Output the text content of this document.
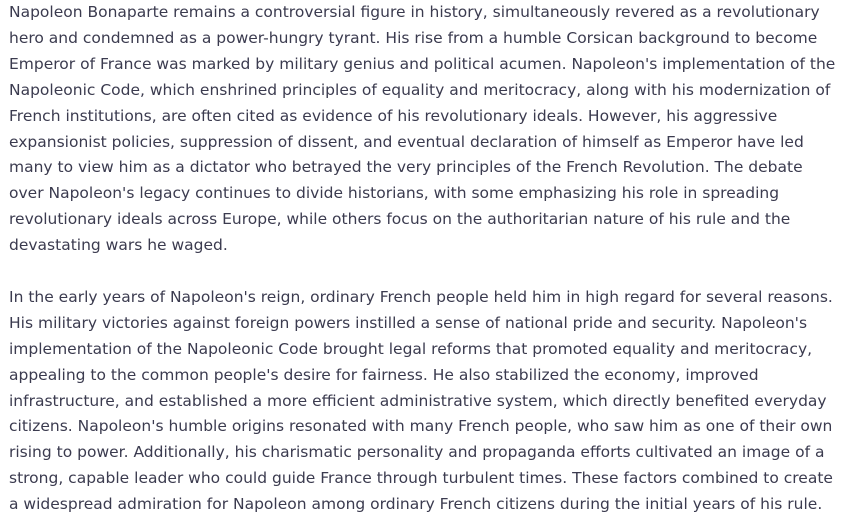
Napoleon Bonaparte remains a controversial figure in history, simultaneously revered as a revolutionary hero and condemned as a power-hungry tyrant. His rise from a humble Corsican background to become Emperor of France was marked by military genius and political acumen. Napoleon's implementation of the Napoleonic Code, which enshrined principles of equality and meritocracy, along with his modernization of French institutions, are often cited as evidence of his revolutionary ideals. However, his aggressive expansionist policies, suppression of dissent, and eventual declaration of himself as Emperor have led many to view him as a dictator who betrayed the very principles of the French Revolution. The debate over Napoleon's legacy continues to divide historians, with some emphasizing his role in spreading revolutionary ideals across Europe, while others focus on the authoritarian nature of his rule and the devastating wars he waged.

In the early years of Napoleon's reign, ordinary French people held him in high regard for several reasons. His military victories against foreign powers instilled a sense of national pride and security. Napoleon's implementation of the Napoleonic Code brought legal reforms that promoted equality and meritocracy, appealing to the common people's desire for fairness. He also stabilized the economy, improved infrastructure, and established a more efficient administrative system, which directly benefited everyday citizens. Napoleon's humble origins resonated with many French people, who saw him as one of their own rising to power. Additionally, his charismatic personality and propaganda efforts cultivated an image of a strong, capable leader who could guide France through turbulent times. These factors combined to create a widespread admiration for Napoleon among ordinary French citizens during the initial years of his rule.
